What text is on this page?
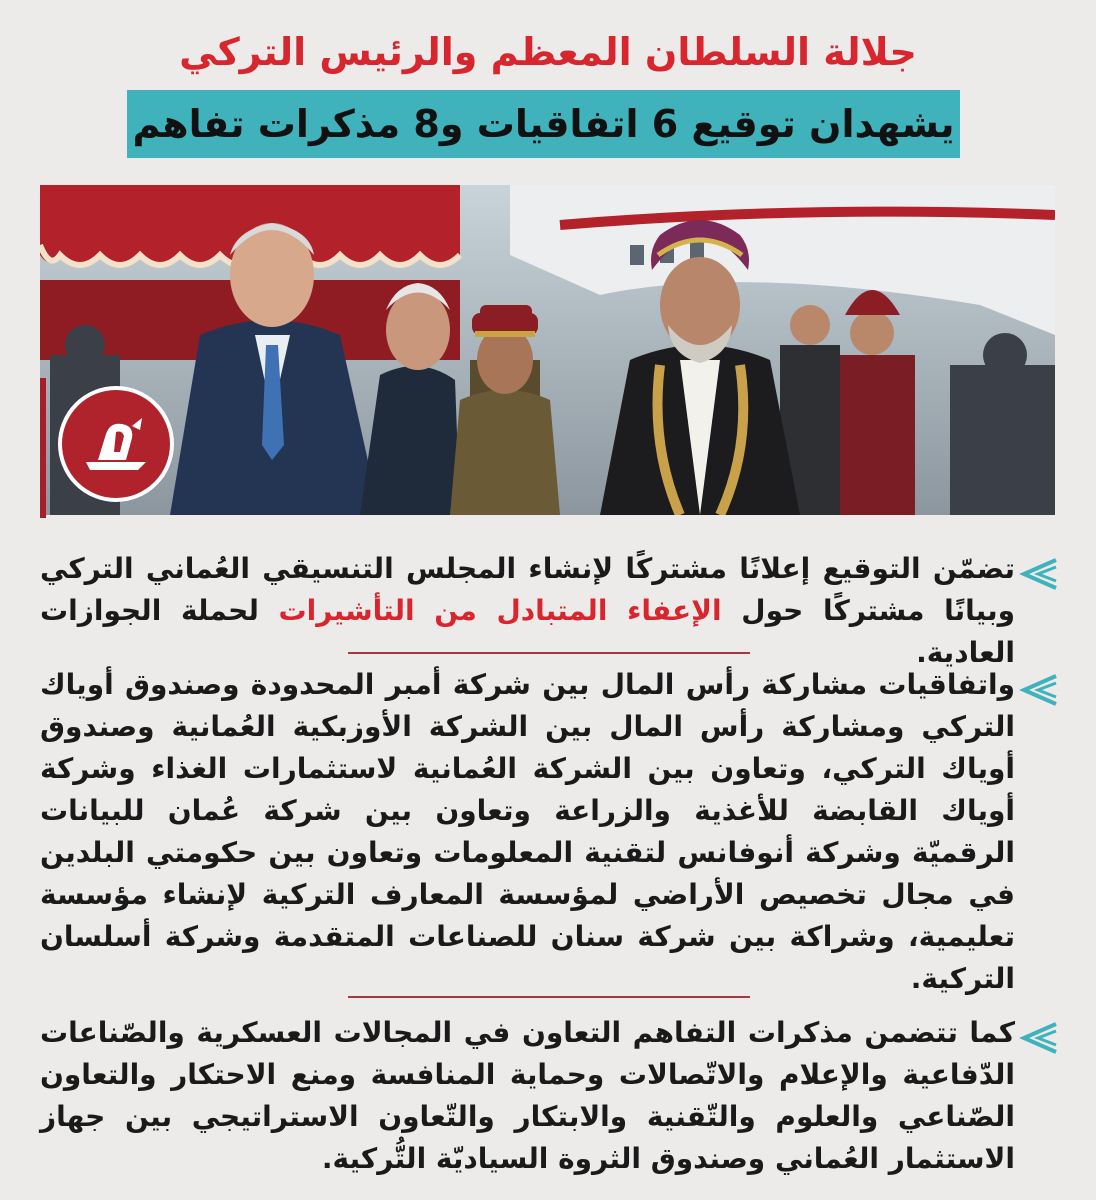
جلالة السلطان المعظم والرئيس التركي
يشهدان توقيع 6 اتفاقيات و8 مذكرات تفاهم
تضمّن التوقيع إعلانًا مشتركًا لإنشاء المجلس التنسيقي العُماني التركي وبيانًا مشتركًا حول الإعفاء المتبادل من التأشيرات لحملة الجوازات العادية.
واتفاقيات مشاركة رأس المال بين شركة أمبر المحدودة وصندوق أوياك التركي ومشاركة رأس المال بين الشركة الأوزبكية العُمانية وصندوق أوياك التركي، وتعاون بين الشركة العُمانية لاستثمارات الغذاء وشركة أوياك القابضة للأغذية والزراعة وتعاون بين شركة عُمان للبيانات الرقميّة وشركة أنوفانس لتقنية المعلومات وتعاون بين حكومتي البلدين في مجال تخصيص الأراضي لمؤسسة المعارف التركية لإنشاء مؤسسة تعليمية، وشراكة بين شركة سنان للصناعات المتقدمة وشركة أسلسان التركية.
كما تتضمن مذكرات التفاهم التعاون في المجالات العسكرية والصّناعات الدّفاعية والإعلام والاتّصالات وحماية المنافسة ومنع الاحتكار والتعاون الصّناعي والعلوم والتّقنية والابتكار والتّعاون الاستراتيجي بين جهاز الاستثمار العُماني وصندوق الثروة السياديّة التُّركية.
